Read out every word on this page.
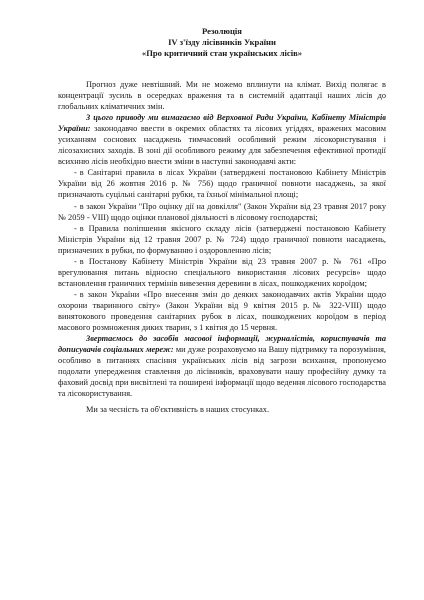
Резолюція
IV з'їзду лісівників України
«Про критичний стан українських лісів»

Прогноз дуже невтішний. Ми не можемо вплинути на клімат. Вихід полягає в концентрації зусиль в осередках враження та в системній адаптації наших лісів до глобальних кліматичних змін.

З цього приводу ми вимагаємо від Верховної Ради України, Кабінету Міністрів України: законодавчо ввести в окремих областях та лісових угіддях, вражених масовим усиханням соснових насаджень тимчасовий особливий режим лісокористування і лісозахисних заходів. В зоні дії особливого режиму для забезпечення ефективної протидії всихнню лісів необхідно внести зміни в наступні законодавчі акти:

- в Санітарні правила в лісах України (затверджені постановою Кабінету Міністрів України від 26 жовтня 2016 р. № 756) щодо граничної повноти насаджень, за якої призначають суцільні санітарні рубки, та їхньої мінімальної площі;

- в закон України "Про оцінку дії на довкілля" (Закон України від 23 травня 2017 року № 2059 - VIII) щодо оцінки планової діяльності в лісовому господарстві;

- в Правила поліпшення якісного складу лісів (затверджені постановою Кабінету Міністрів України від 12 травня 2007 р. № 724) щодо граничної повноти насаджень, призначених в рубки, по формуванню і оздоровленню лісів;

- в Постанову Кабінету Міністрів України від 23 травня 2007 р. № 761 «Про врегулювання питань відносно спеціального використання лісових ресурсів» щодо встановлення граничних термінів вивезення деревини в лісах, пошкоджених короїдом;

- в закон України «Про внесення змін до деяких законодавчих актів України щодо охорони тваринного світу» (Закон України від 9 квітня 2015 р.№ 322-VIII) щодо винятокового проведення санітарних рубок в лісах, пошкоджених короїдом в період масового розмноження диких тварин, з 1 квітня до 15 червня.

Звертаємось до засобів масової інформації, журналістів, користувачів та дописувачів соціальних мереж: ми дуже розраховуємо на Вашу підтримку та порозуміння, особливо в питаннях спасіння українських лісів від загрози всихання, пропонуємо подолати упередження ставлення до лісівників, враховувати нашу професійну думку та фаховий досвід при висвітлені та поширені інформації щодо ведення лісового господарства та лісокористування.

Ми за чесність та об'єктивність в наших стосунках.
